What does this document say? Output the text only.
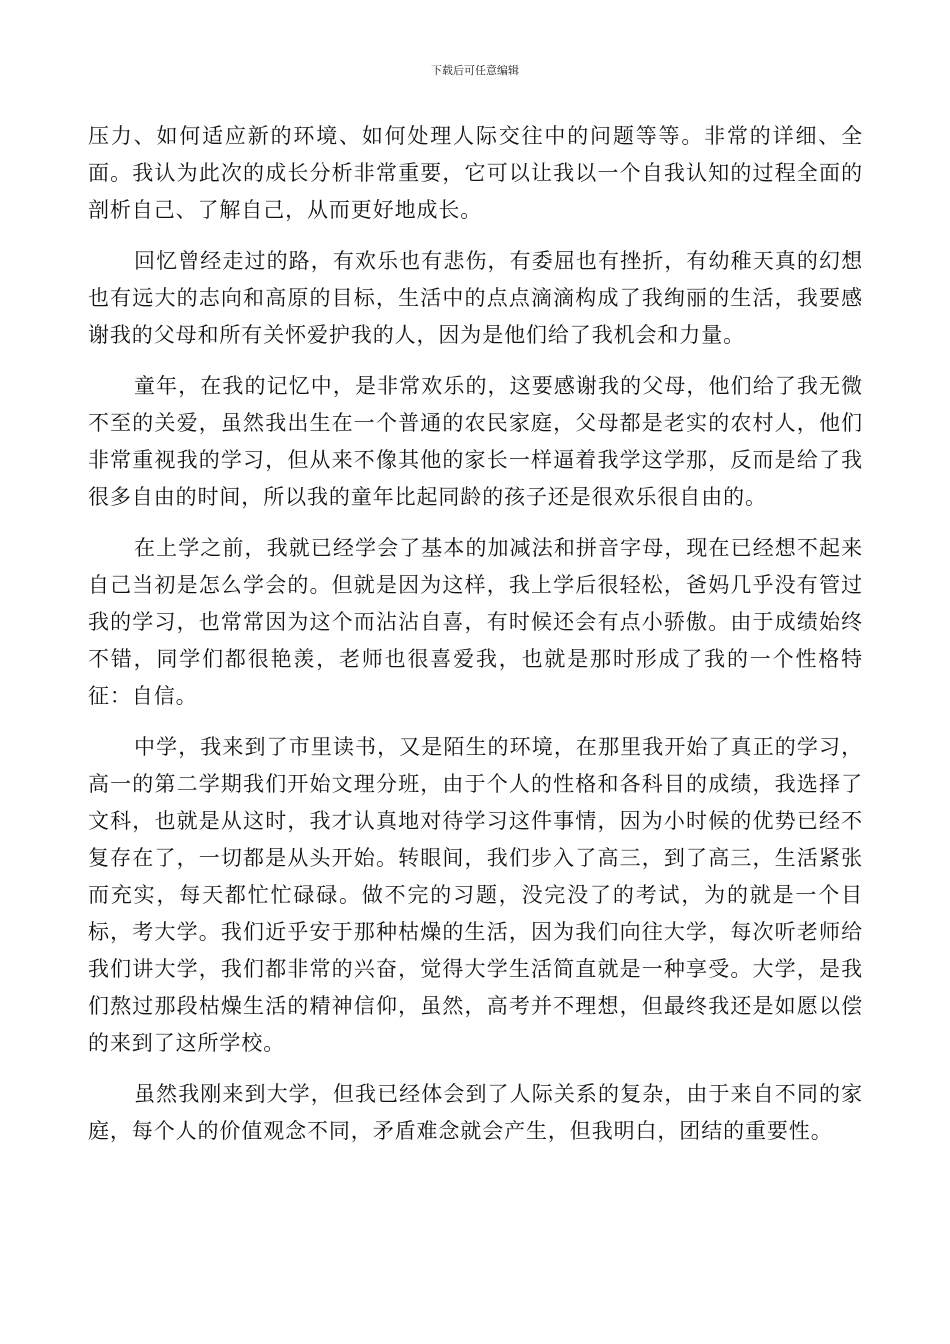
下载后可任意编辑

压力、如何适应新的环境、如何处理人际交往中的问题等等。非常的详细、全面。我认为此次的成长分析非常重要，它可以让我以一个自我认知的过程全面的剖析自己、了解自己，从而更好地成长。

回忆曾经走过的路，有欢乐也有悲伤，有委屈也有挫折，有幼稚天真的幻想也有远大的志向和高原的目标，生活中的点点滴滴构成了我绚丽的生活，我要感谢我的父母和所有关怀爱护我的人，因为是他们给了我机会和力量。

童年，在我的记忆中，是非常欢乐的，这要感谢我的父母，他们给了我无微不至的关爱，虽然我出生在一个普通的农民家庭，父母都是老实的农村人，他们非常重视我的学习，但从来不像其他的家长一样逼着我学这学那，反而是给了我很多自由的时间，所以我的童年比起同龄的孩子还是很欢乐很自由的。

在上学之前，我就已经学会了基本的加减法和拼音字母，现在已经想不起来自己当初是怎么学会的。但就是因为这样，我上学后很轻松，爸妈几乎没有管过我的学习，也常常因为这个而沾沾自喜，有时候还会有点小骄傲。由于成绩始终不错，同学们都很艳羡，老师也很喜爱我，也就是那时形成了我的一个性格特征：自信。

中学，我来到了市里读书，又是陌生的环境，在那里我开始了真正的学习，高一的第二学期我们开始文理分班，由于个人的性格和各科目的成绩，我选择了文科，也就是从这时，我才认真地对待学习这件事情，因为小时候的优势已经不复存在了，一切都是从头开始。转眼间，我们步入了高三，到了高三，生活紧张而充实，每天都忙忙碌碌。做不完的习题，没完没了的考试，为的就是一个目标，考大学。我们近乎安于那种枯燥的生活，因为我们向往大学，每次听老师给我们讲大学，我们都非常的兴奋，觉得大学生活简直就是一种享受。大学，是我们熬过那段枯燥生活的精神信仰，虽然，高考并不理想，但最终我还是如愿以偿的来到了这所学校。

虽然我刚来到大学，但我已经体会到了人际关系的复杂，由于来自不同的家庭，每个人的价值观念不同，矛盾难念就会产生，但我明白，团结的重要性。
